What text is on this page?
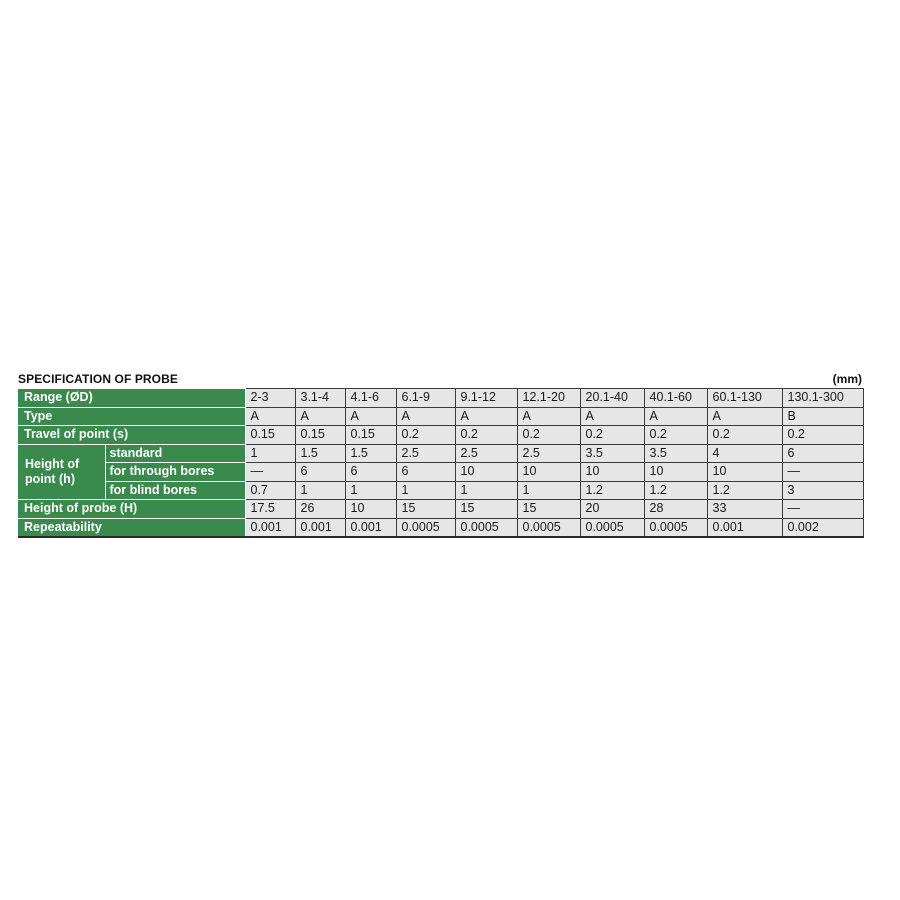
SPECIFICATION OF PROBE	(mm)
Range (ØD)		2-3	3.1-4	4.1-6	6.1-9	9.1-12	12.1-20	20.1-40	40.1-60	60.1-130	130.1-300
Type		A	A	A	A	A	A	A	A	A	B
Travel of point (s)		0.15	0.15	0.15	0.2	0.2	0.2	0.2	0.2	0.2	0.2
Height of point (h)	standard	1	1.5	1.5	2.5	2.5	2.5	3.5	3.5	4	6
	for through bores	—	6	6	6	10	10	10	10	10	—
	for blind bores	0.7	1	1	1	1	1	1.2	1.2	1.2	3
Height of probe (H)		17.5	26	10	15	15	15	20	28	33	—
Repeatability		0.001	0.001	0.001	0.0005	0.0005	0.0005	0.0005	0.0005	0.001	0.002
